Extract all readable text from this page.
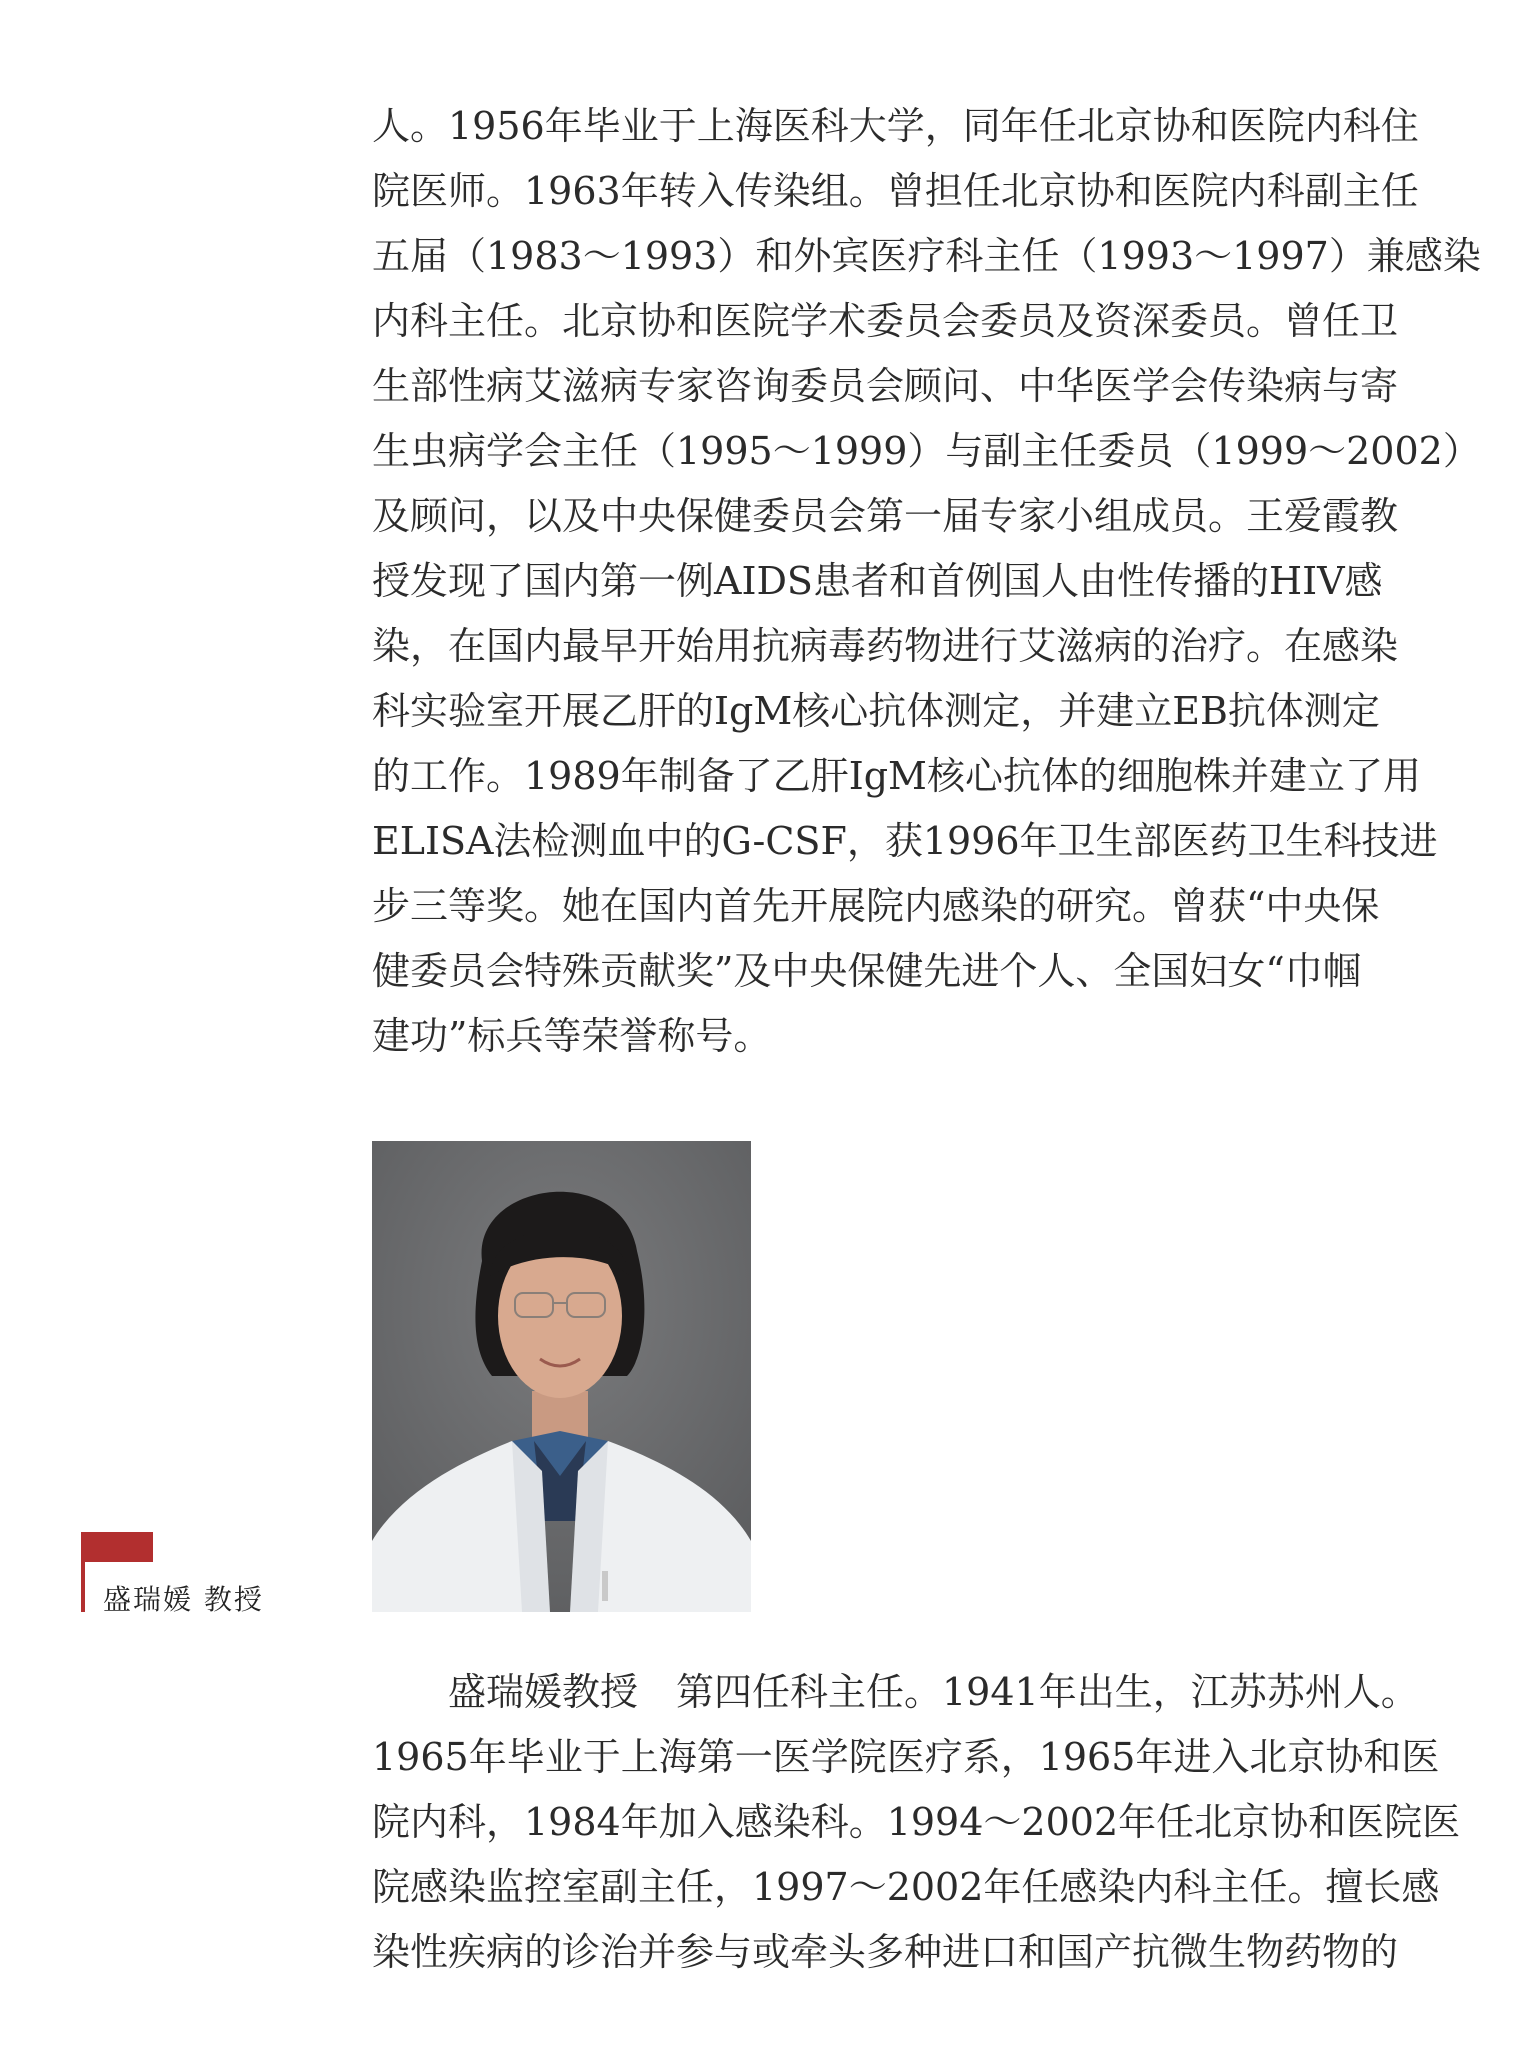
人。1956年毕业于上海医科大学，同年任北京协和医院内科住
院医师。1963年转入传染组。曾担任北京协和医院内科副主任
五届（1983～1993）和外宾医疗科主任（1993～1997）兼感染
内科主任。北京协和医院学术委员会委员及资深委员。曾任卫
生部性病艾滋病专家咨询委员会顾问、中华医学会传染病与寄
生虫病学会主任（1995～1999）与副主任委员（1999～2002）
及顾问，以及中央保健委员会第一届专家小组成员。王爱霞教
授发现了国内第一例AIDS患者和首例国人由性传播的HIV感
染，在国内最早开始用抗病毒药物进行艾滋病的治疗。在感染
科实验室开展乙肝的IgM核心抗体测定，并建立EB抗体测定
的工作。1989年制备了乙肝IgM核心抗体的细胞株并建立了用
ELISA法检测血中的G-CSF，获1996年卫生部医药卫生科技进
步三等奖。她在国内首先开展院内感染的研究。曾获“中央保
健委员会特殊贡献奖”及中央保健先进个人、全国妇女“巾帼
建功”标兵等荣誉称号。
盛瑞媛 教授
盛瑞媛教授　第四任科主任。1941年出生，江苏苏州人。
1965年毕业于上海第一医学院医疗系，1965年进入北京协和医
院内科，1984年加入感染科。1994～2002年任北京协和医院医
院感染监控室副主任，1997～2002年任感染内科主任。擅长感
染性疾病的诊治并参与或牵头多种进口和国产抗微生物药物的
